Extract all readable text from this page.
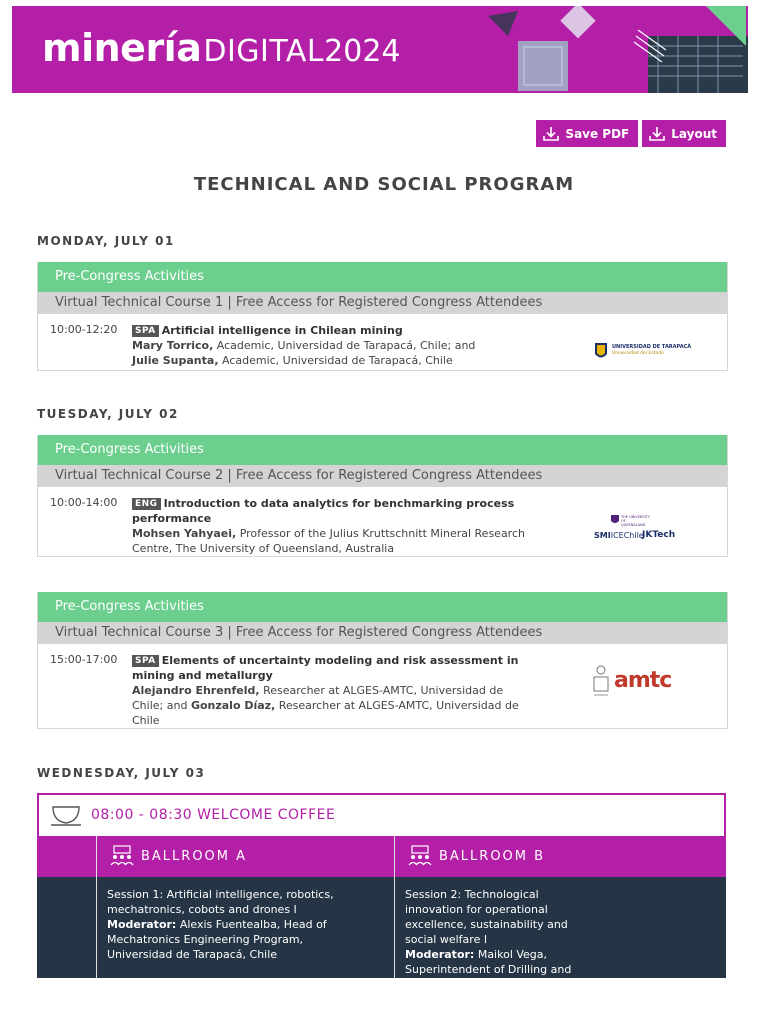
mineríaDIGITAL2024
Save PDF	Layout
TECHNICAL AND SOCIAL PROGRAM
MONDAY, JULY 01
Pre-Congress Activities
Virtual Technical Course 1 | Free Access for Registered Congress Attendees
10:00-12:20	SPA Artificial intelligence in Chilean mining
Mary Torrico, Academic, Universidad de Tarapacá, Chile; and
Julie Supanta, Academic, Universidad de Tarapacá, Chile
UNIVERSIDAD DE TARAPACÁ
Universidad del Estado
TUESDAY, JULY 02
Pre-Congress Activities
Virtual Technical Course 2 | Free Access for Registered Congress Attendees
10:00-14:00	ENG Introduction to data analytics for benchmarking process performance
Mohsen Yahyaei, Professor of the Julius Kruttschnitt Mineral Research Centre, The University of Queensland, Australia
THE UNIVERSITY OF QUEENSLAND
SMIICEChile
JKTech
Pre-Congress Activities
Virtual Technical Course 3 | Free Access for Registered Congress Attendees
15:00-17:00	SPA Elements of uncertainty modeling and risk assessment in mining and metallurgy
Alejandro Ehrenfeld, Researcher at ALGES-AMTC, Universidad de Chile; and Gonzalo Díaz, Researcher at ALGES-AMTC, Universidad de Chile
amtc
WEDNESDAY, JULY 03
08:00 - 08:30 WELCOME COFFEE
BALLROOM A	BALLROOM B
Session 1: Artificial intelligence, robotics, mechatronics, cobots and drones I
Moderator: Alexis Fuentealba, Head of Mechatronics Engineering Program, Universidad de Tarapacá, Chile
Session 2: Technological innovation for operational excellence, sustainability and social welfare I
Moderator: Maikol Vega, Superintendent of Drilling and
